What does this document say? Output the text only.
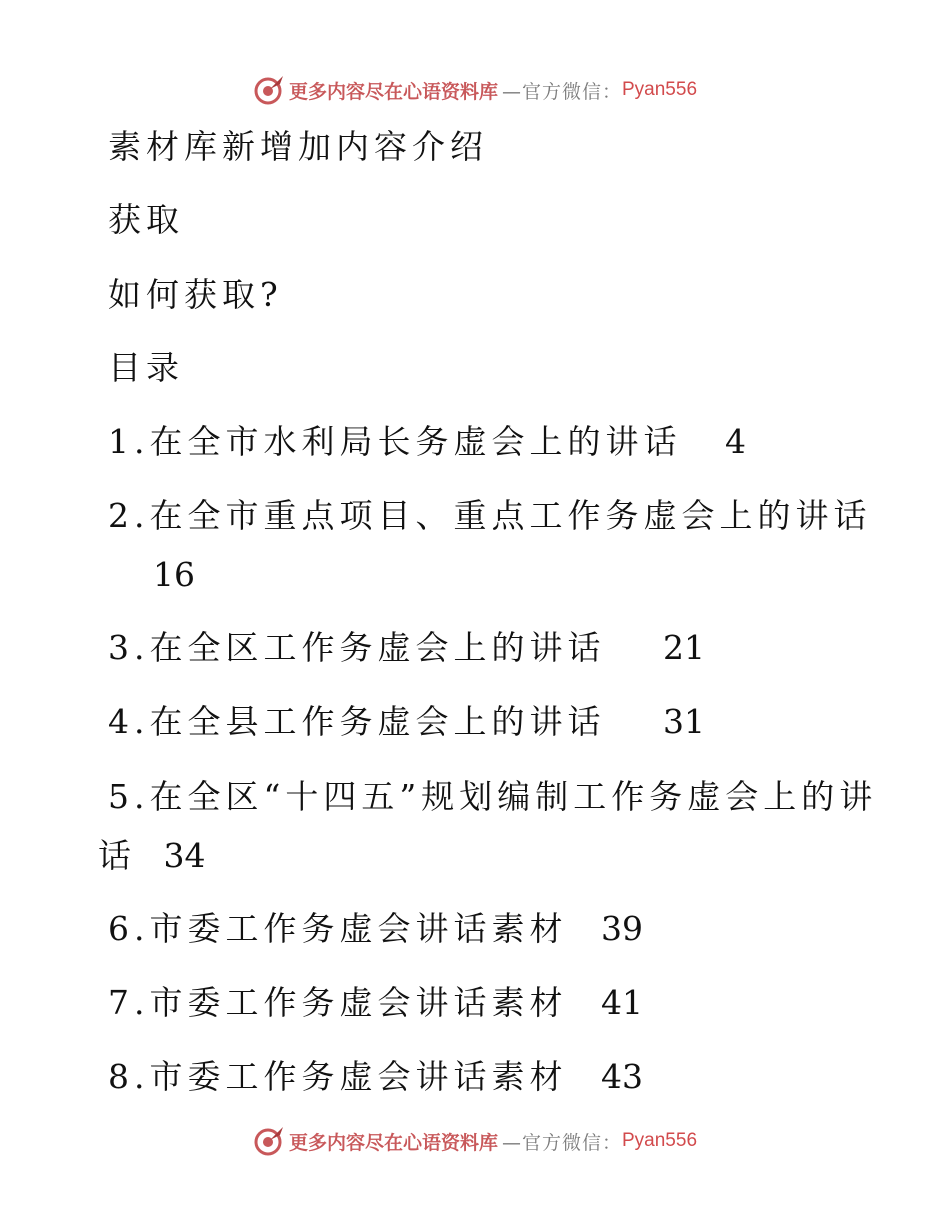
更多内容尽在心语资料库 —官方微信： Pyan556
素材库新增加内容介绍
获取
如何获取?
目录
1.在全市水利局长务虚会上的讲话 4
2.在全市重点项目、重点工作务虚会上的讲话
16
3.在全区工作务虚会上的讲话 21
4.在全县工作务虚会上的讲话 31
5.在全区“十四五”规划编制工作务虚会上的讲
话 34
6.市委工作务虚会讲话素材 39
7.市委工作务虚会讲话素材 41
8.市委工作务虚会讲话素材 43
更多内容尽在心语资料库 —官方微信： Pyan556
